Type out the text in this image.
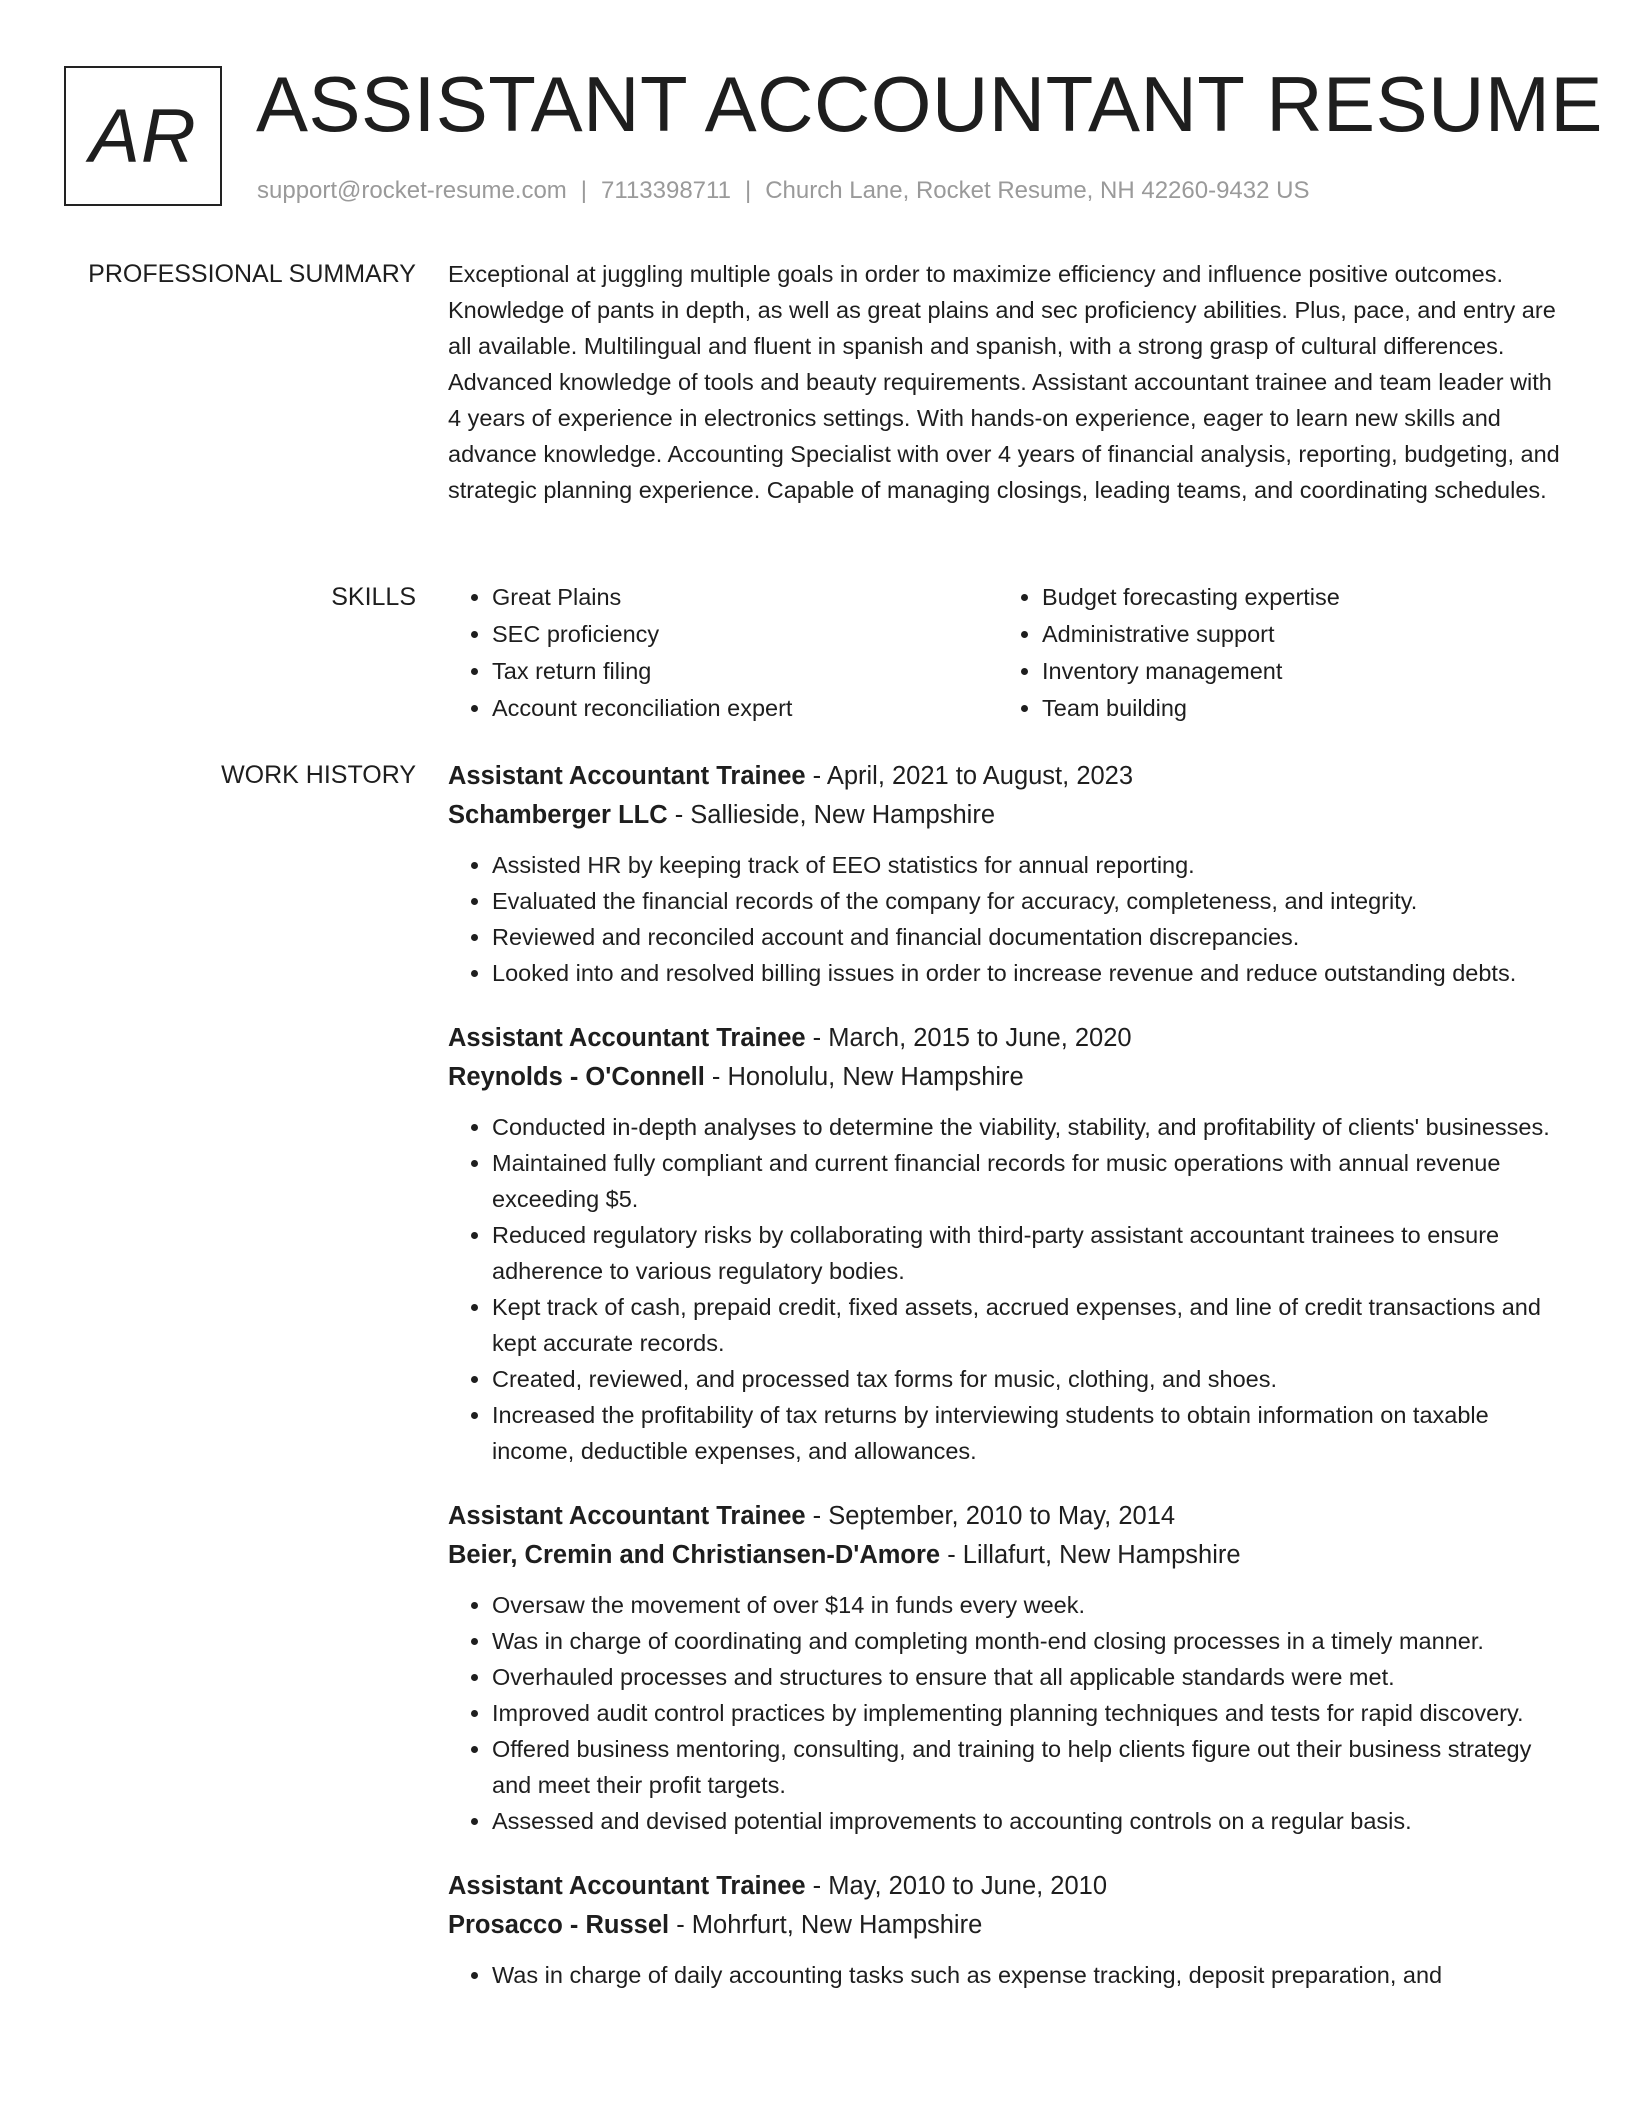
AR ASSISTANT ACCOUNTANT RESUME
support@rocket-resume.com | 7113398711 | Church Lane, Rocket Resume, NH 42260-9432 US
PROFESSIONAL SUMMARY Exceptional at juggling multiple goals in order to maximize efficiency and influence positive outcomes. Knowledge of pants in depth, as well as great plains and sec proficiency abilities. Plus, pace, and entry are all available. Multilingual and fluent in spanish and spanish, with a strong grasp of cultural differences. Advanced knowledge of tools and beauty requirements. Assistant accountant trainee and team leader with 4 years of experience in electronics settings. With hands-on experience, eager to learn new skills and advance knowledge. Accounting Specialist with over 4 years of financial analysis, reporting, budgeting, and strategic planning experience. Capable of managing closings, leading teams, and coordinating schedules.

SKILLS
•	Great Plains
• SEC proficiency
• Tax return filing
• Account reconciliation expert
• Budget forecasting expertise
• Administrative support
• Inventory management
• Team building
WORK HISTORY Assistant Accountant Trainee - April, 2021 to August, 2023
Schamberger LLC - Sallieside, New Hampshire
• Assisted HR by keeping track of EEO statistics for annual reporting.
• Evaluated the financial records of the company for accuracy, completeness, and integrity.
• Reviewed and reconciled account and financial documentation discrepancies.
• Looked into and resolved billing issues in order to increase revenue and reduce outstanding debts.
Assistant Accountant Trainee - March, 2015 to June, 2020
Reynolds - O'Connell - Honolulu, New Hampshire
• Conducted in-depth analyses to determine the viability, stability, and profitability of clients' businesses.
• Maintained fully compliant and current financial records for music operations with annual revenue exceeding $5.
• Reduced regulatory risks by collaborating with third-party assistant accountant trainees to ensure adherence to various regulatory bodies.
• Kept track of cash, prepaid credit, fixed assets, accrued expenses, and line of credit transactions and kept accurate records.
• Created, reviewed, and processed tax forms for music, clothing, and shoes.
• Increased the profitability of tax returns by interviewing students to obtain information on taxable income, deductible expenses, and allowances.
Assistant Accountant Trainee - September, 2010 to May, 2014
Beier, Cremin and Christiansen-D'Amore - Lillafurt, New Hampshire
• Oversaw the movement of over $14 in funds every week.
• Was in charge of coordinating and completing month-end closing processes in a timely manner.
• Overhauled processes and structures to ensure that all applicable standards were met.
• Improved audit control practices by implementing planning techniques and tests for rapid discovery.
• Offered business mentoring, consulting, and training to help clients figure out their business strategy and meet their profit targets.
• Assessed and devised potential improvements to accounting controls on a regular basis.
Assistant Accountant Trainee - May, 2010 to June, 2010
Prosacco - Russel - Mohrfurt, New Hampshire
• Was in charge of daily accounting tasks such as expense tracking, deposit preparation, and
